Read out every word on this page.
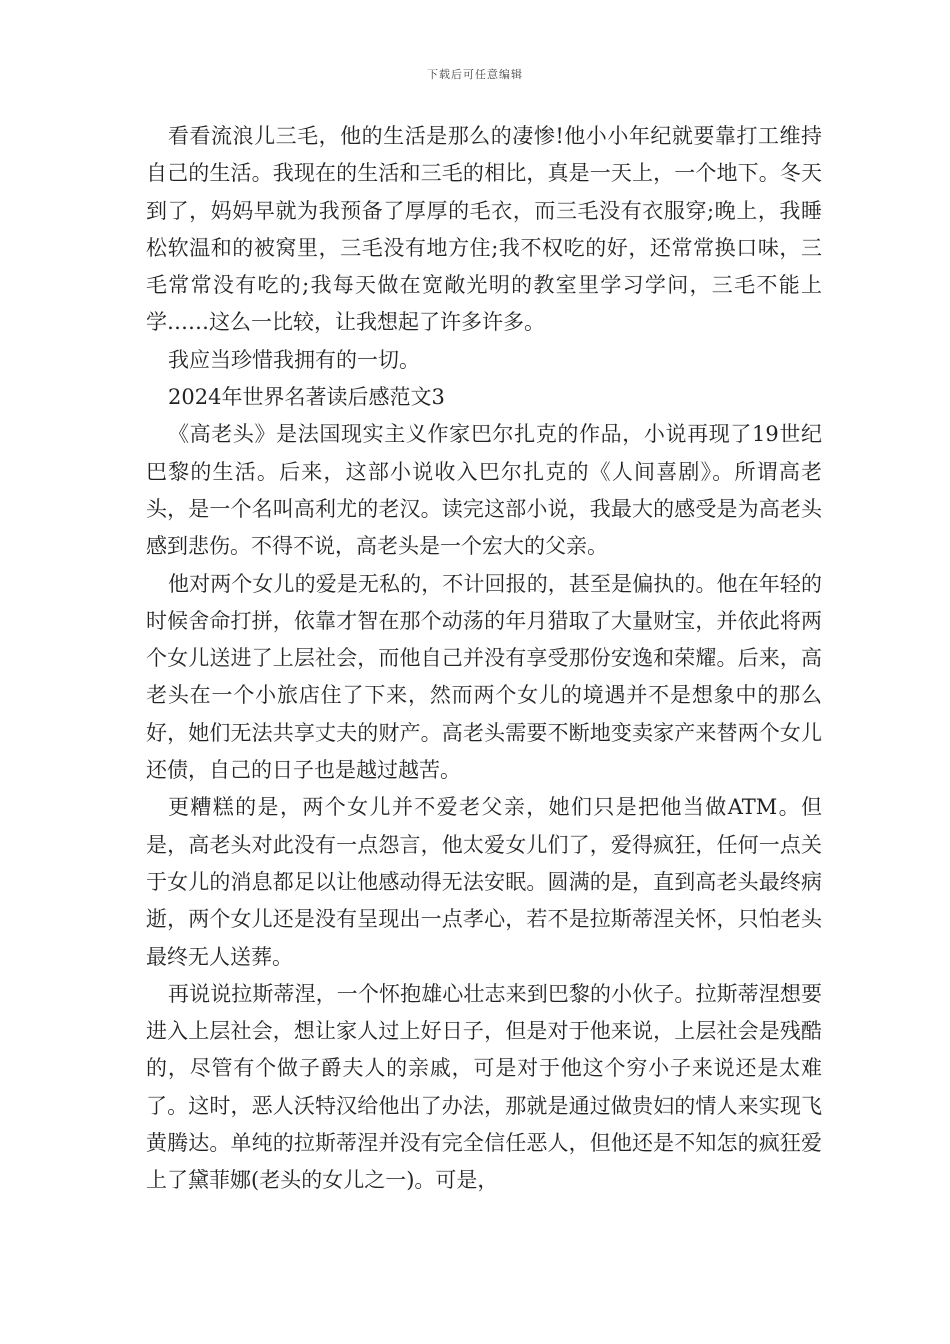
下载后可任意编辑

看看流浪儿三毛，他的生活是那么的凄惨!他小小年纪就要靠打工维持自己的生活。我现在的生活和三毛的相比，真是一天上，一个地下。冬天到了，妈妈早就为我预备了厚厚的毛衣，而三毛没有衣服穿;晚上，我睡松软温和的被窝里，三毛没有地方住;我不权吃的好，还常常换口味，三毛常常没有吃的;我每天做在宽敞光明的教室里学习学问，三毛不能上学……这么一比较，让我想起了许多许多。

我应当珍惜我拥有的一切。

2024年世界名著读后感范文3

《高老头》是法国现实主义作家巴尔扎克的作品，小说再现了19世纪巴黎的生活。后来，这部小说收入巴尔扎克的《人间喜剧》。所谓高老头，是一个名叫高利尤的老汉。读完这部小说，我最大的感受是为高老头感到悲伤。不得不说，高老头是一个宏大的父亲。

他对两个女儿的爱是无私的，不计回报的，甚至是偏执的。他在年轻的时候舍命打拼，依靠才智在那个动荡的年月猎取了大量财宝，并依此将两个女儿送进了上层社会，而他自己并没有享受那份安逸和荣耀。后来，高老头在一个小旅店住了下来，然而两个女儿的境遇并不是想象中的那么好，她们无法共享丈夫的财产。高老头需要不断地变卖家产来替两个女儿还债，自己的日子也是越过越苦。

更糟糕的是，两个女儿并不爱老父亲，她们只是把他当做ATM。但是，高老头对此没有一点怨言，他太爱女儿们了，爱得疯狂，任何一点关于女儿的消息都足以让他感动得无法安眠。圆满的是，直到高老头最终病逝，两个女儿还是没有呈现出一点孝心，若不是拉斯蒂涅关怀，只怕老头最终无人送葬。

再说说拉斯蒂涅，一个怀抱雄心壮志来到巴黎的小伙子。拉斯蒂涅想要进入上层社会，想让家人过上好日子，但是对于他来说，上层社会是残酷的，尽管有个做子爵夫人的亲戚，可是对于他这个穷小子来说还是太难了。这时，恶人沃特汉给他出了办法，那就是通过做贵妇的情人来实现飞黄腾达。单纯的拉斯蒂涅并没有完全信任恶人，但他还是不知怎的疯狂爱上了黛菲娜(老头的女儿之一)。可是，
